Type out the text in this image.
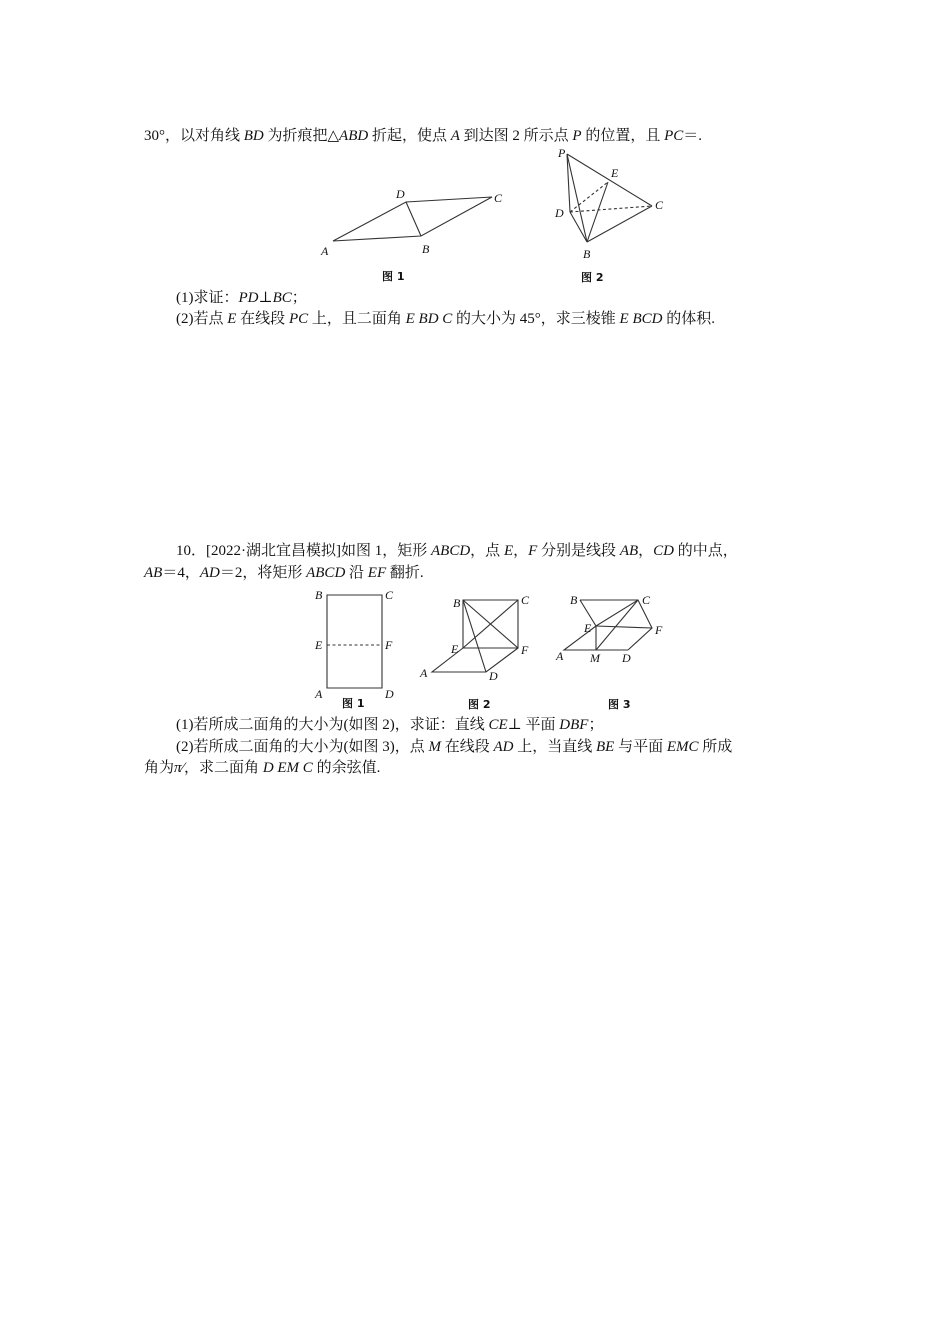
30°，以对角线 BD 为折痕把△ABD 折起，使点 A 到达图 2 所示点 P 的位置，且 PC＝.
A	B
C
D
图 1
P
E
D
C
B
图 2
(1)求证：PD⊥BC；
(2)若点 E 在线段 PC 上，且二面角 E BD C 的大小为 45°，求三棱锥 E BCD 的体积.
10．[2022·湖北宜昌模拟]如图 1，矩形 ABCD，点 E，F 分别是线段 AB，CD 的中点，
AB＝4，AD＝2，将矩形 ABCD 沿 EF 翻折.
B	C
E	F
A	D
图 1
B	C
E	F
A	D
图 2
B	C
E	F
A M D
图 3
(1)若所成二面角的大小为(如图 2)，求证：直线 CE⊥ 平面 DBF；
(2)若所成二面角的大小为(如图 3)，点 M 在线段 AD 上，当直线 BE 与平面 EMC 所成
角为π⁄，求二面角 D EM C 的余弦值.
